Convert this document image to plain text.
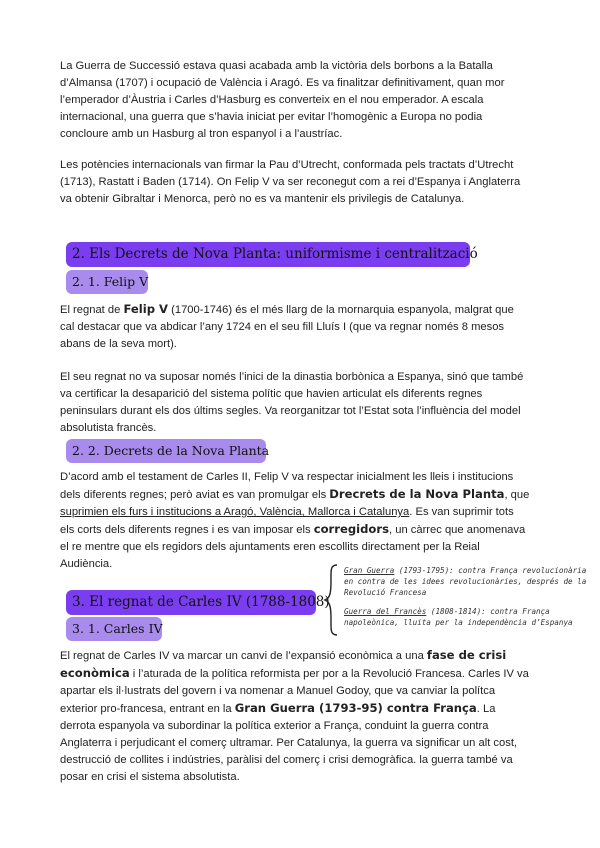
La Guerra de Successió estava quasi acabada amb la victòria dels borbons a la Batalla d’Almansa (1707) i ocupació de València i Aragó. Es va finalitzar definitivament, quan mor l’emperador d’Àustria i Carles d’Hasburg es converteix en el nou emperador. A escala internacional, una guerra que s’havia iniciat per evitar l’homogènic a Europa no podia concloure amb un Hasburg al tron espanyol i a l’austríac.

Les potències internacionals van firmar la Pau d’Utrecht, conformada pels tractats d’Utrecht (1713), Rastatt i Baden (1714). On Felip V va ser reconegut com a rei d’Espanya i Anglaterra va obtenir Gibraltar i Menorca, però no es va mantenir els privilegis de Catalunya.

2. Els Decrets de Nova Planta: uniformisme i centralització
2. 1. Felip V

El regnat de Felip V (1700-1746) és el més llarg de la mornarquia espanyola, malgrat que cal destacar que va abdicar l’any 1724 en el seu fill Lluís I (que va regnar només 8 mesos abans de la seva mort).

El seu regnat no va suposar només l’inici de la dinastia borbònica a Espanya, sinó que també va certificar la desaparició del sistema polític que havien articulat els diferents regnes peninsulars durant els dos últims segles. Va reorganitzar tot l’Estat sota l’influència del model absolutista francès.

2. 2. Decrets de la Nova Planta

D’acord amb el testament de Carles II, Felip V va respectar inicialment les lleis i institucions dels diferents regnes; però aviat es van promulgar els Drecrets de la Nova Planta, que suprimien els furs i institucions a Aragó, València, Mallorca i Catalunya. Es van suprimir tots els corts dels diferents regnes i es van imposar els corregidors, un càrrec que anomenava el re mentre que els regidors dels ajuntaments eren escollits directament per la Reial Audiència.

3. El regnat de Carles IV (1788-1808)
3. 1. Carles IV
Gran Guerra (1793-1795): contra França revolucionària en contra de les idees revolucionàries, després de la Revolució Francesa
Guerra del Francès (1808-1814): contra França napoleònica, lluita per la independència d’Espanya

El regnat de Carles IV va marcar un canvi de l’expansió econòmica a una fase de crisi econòmica i l’aturada de la política reformista per por a la Revolució Francesa. Carles IV va apartar els il·lustrats del govern i va nomenar a Manuel Godoy, que va canviar la polítca exterior pro-francesa, entrant en la Gran Guerra (1793-95) contra França. La derrota espanyola va subordinar la política exterior a França, conduint la guerra contra Anglaterra i perjudicant el comerç ultramar. Per Catalunya, la guerra va significar un alt cost, destrucció de collites i indústries, paràlisi del comerç i crisi demogràfica. la guerra també va posar en crisi el sistema absolutista.
